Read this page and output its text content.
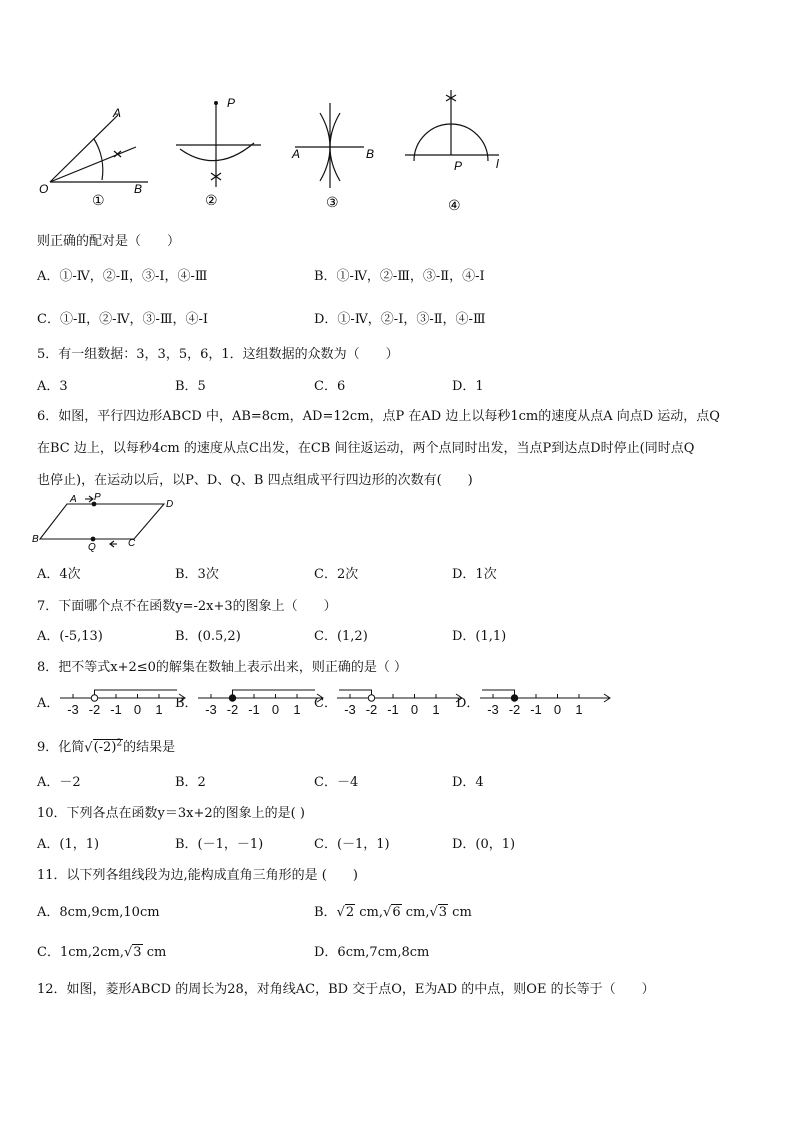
A
O	B
①
P
②
A	B
③
P	l
④
则正确的配对是（　　）
A．①-Ⅳ，②-Ⅱ，③-Ⅰ，④-Ⅲ	B．①-Ⅳ，②-Ⅲ，③-Ⅱ，④-Ⅰ
C．①-Ⅱ，②-Ⅳ，③-Ⅲ，④-Ⅰ	D．①-Ⅳ，②-Ⅰ，③-Ⅱ，④-Ⅲ
5．有一组数据：3，3，5，6，1．这组数据的众数为（　　）
A．3	B．5	C．6	D．1
6．如图，平行四边形ABCD 中，AB=8cm，AD=12cm，点P 在AD 边上以每秒1cm的速度从点A 向点D 运动，点Q
在BC 边上，以每秒4cm 的速度从点C出发，在CB 间往返运动，两个点同时出发，当点P到达点D时停止(同时点Q
也停止)，在运动以后，以P、D、Q、B 四点组成平行四边形的次数有(　　)
A P
D
B
Q	C
A．4次	B．3次	C．2次	D．1次
7．下面哪个点不在函数y=-2x+3的图象上（　　）
A．(-5,13)	B．(0.5,2)	C．(1,2)	D．(1,1)
8．把不等式x+2≤0的解集在数轴上表示出来，则正确的是（ ）
A．	B．	C．	D．
-3 -2 -1 0 1	-3 -2 -1 0 1	-3 -2 -1 0 1	-3 -2 -1 0 1
9．化简$√(-2)^2$的结果是
A．－2	B．2	C．－4	D．4
10．下列各点在函数y＝3x+2的图象上的是( )
A．(1，1)	B．(－1，－1)	C．(－1，1)	D．(0，1)
11．以下列各组线段为边,能构成直角三角形的是 (　　)
A．8cm,9cm,10cm	B．√2 cm,√6 cm,√3 cm
C．1cm,2cm,√3 cm	D．6cm,7cm,8cm
12．如图，菱形ABCD 的周长为28，对角线AC，BD 交于点O，E为AD 的中点，则OE 的长等于（　　）
